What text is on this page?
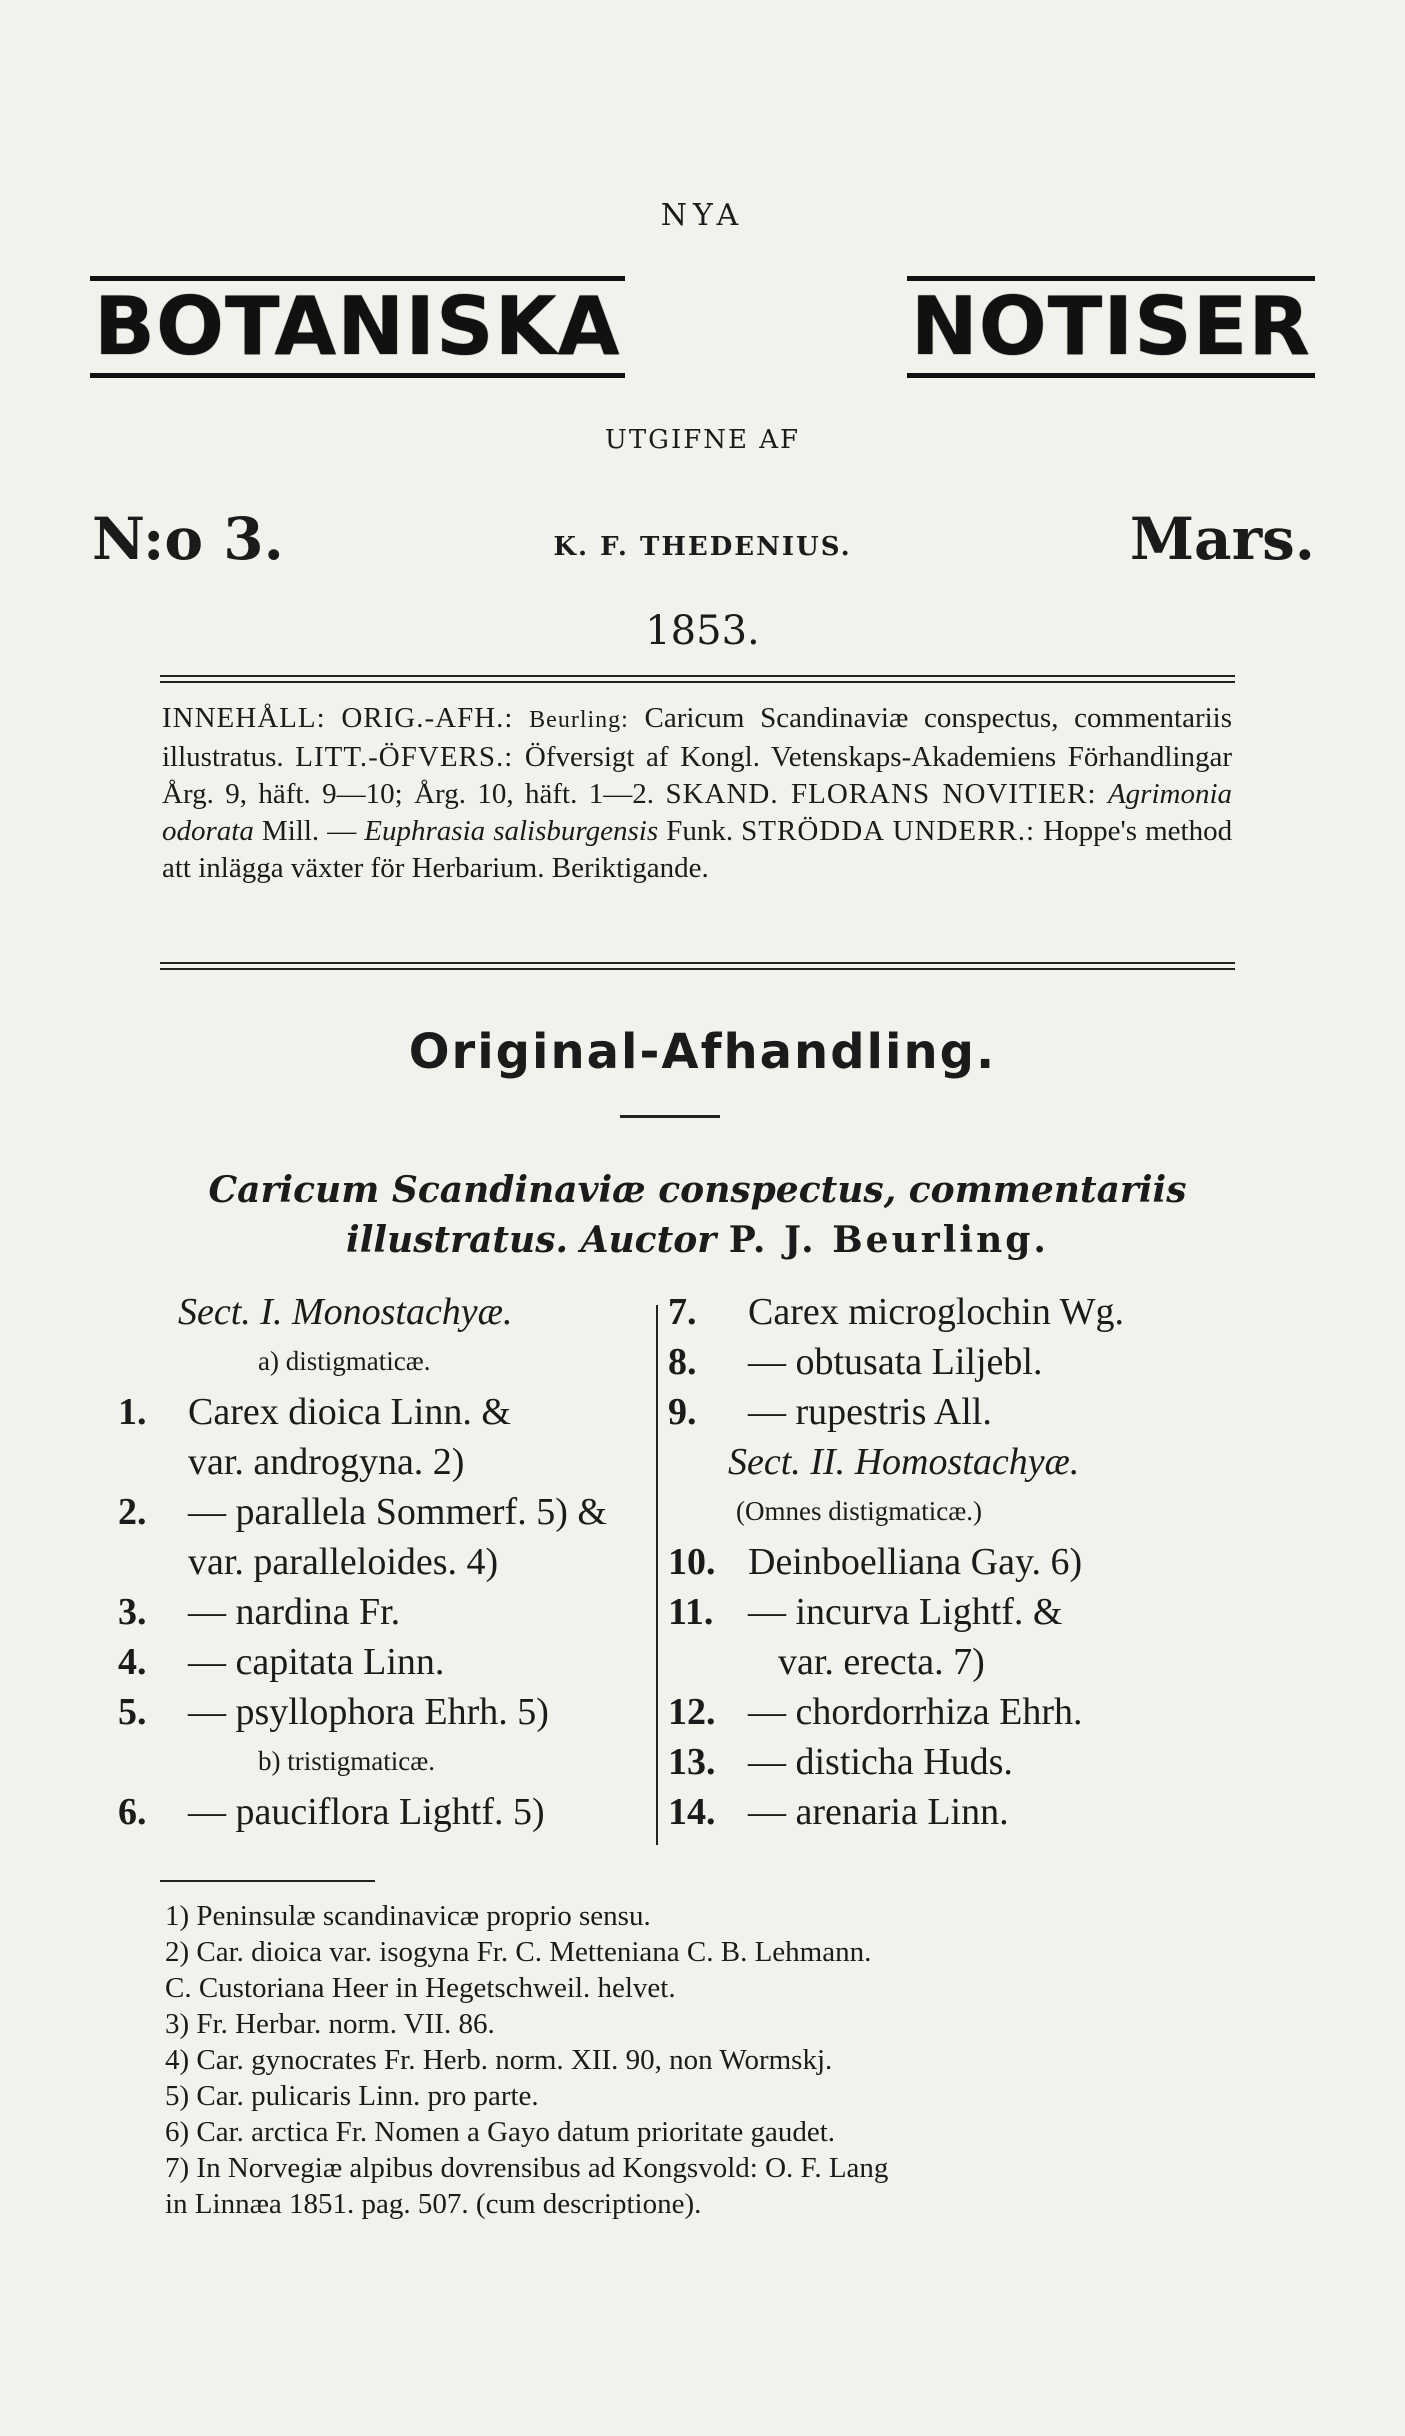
NYA
BOTANISKA	NOTISER
UTGIFNE AF
N:o 3.	K. F. THEDENIUS.	Mars.
1853.
INNEHÅLL: ORIG.-AFH.: Beurling: Caricum Scandinaviæ conspectus, commentariis illustratus. LITT.-ÖFVERS.: Öfversigt af Kongl. Vetenskaps-Akademiens Förhandlingar Årg. 9, häft. 9—10; Årg. 10, häft. 1—2. SKAND. FLORANS NOVITIER: Agrimonia odorata Mill. — Euphrasia salisburgensis Funk. STRÖDDA UNDERR.: Hoppe's method att inlägga växter för Herbarium. Beriktigande.
Original-Afhandling.
Caricum Scandinaviæ conspectus, commentariis illustratus. Auctor P. J. Beurling.
Sect. I. Monostachyæ.
a) distigmaticæ.
1. Carex dioica Linn. &
var. androgyna. 2)
2. — parallela Sommerf. 5) &
var. paralleloides. 4)
3. — nardina Fr.
4. — capitata Linn.
5. — psyllophora Ehrh. 5)
b) tristigmaticæ.
6. — pauciflora Lightf. 5)
7. Carex microglochin Wg.
8. — obtusata Liljebl.
9. — rupestris All.
Sect. II. Homostachyæ.
(Omnes distigmaticæ.)
10. Deinboelliana Gay. 6)
11. — incurva Lightf. &
var. erecta. 7)
12. — chordorrhiza Ehrh.
13. — disticha Huds.
14. — arenaria Linn.
1) Peninsulæ scandinavicæ proprio sensu.
2) Car. dioica var. isogyna Fr. C. Metteniana C. B. Lehmann.
C. Custoriana Heer in Hegetschweil. helvet.
3) Fr. Herbar. norm. VII. 86.
4) Car. gynocrates Fr. Herb. norm. XII. 90, non Wormskj.
5) Car. pulicaris Linn. pro parte.
6) Car. arctica Fr. Nomen a Gayo datum prioritate gaudet.
7) In Norvegiæ alpibus dovrensibus ad Kongsvold: O. F. Lang
in Linnæa 1851. pag. 507. (cum descriptione).
